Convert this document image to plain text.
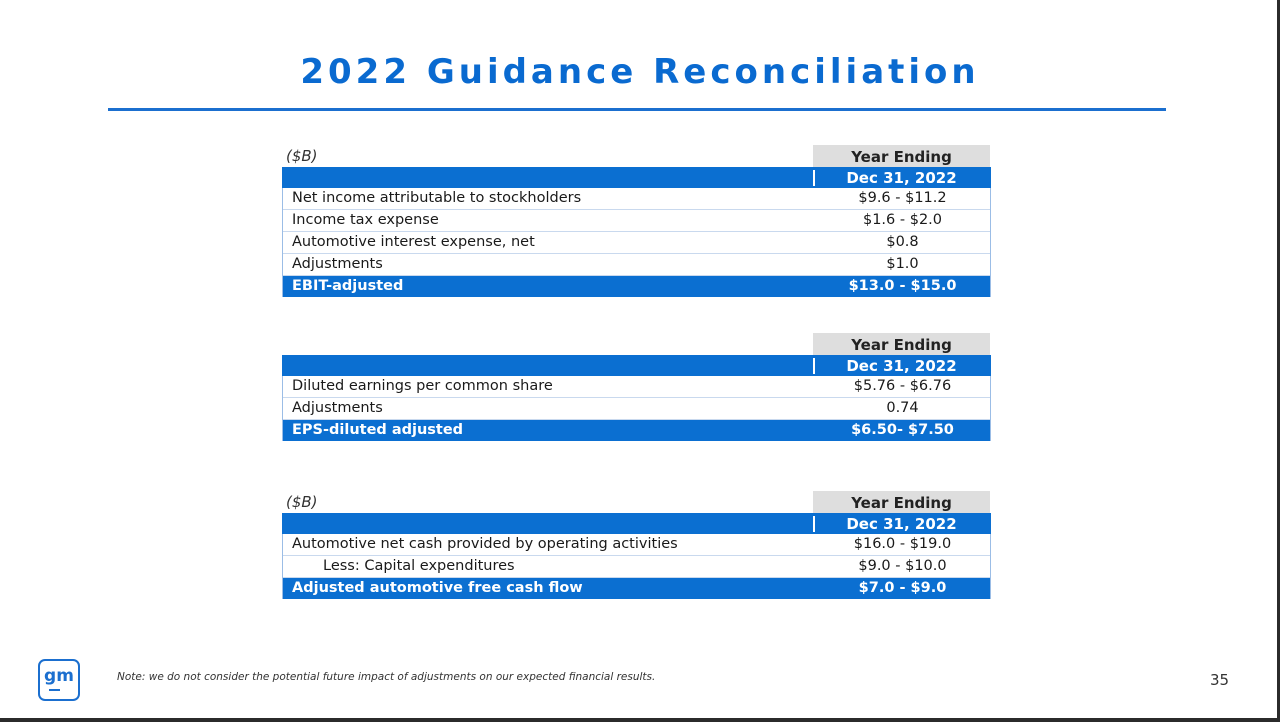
2022 Guidance Reconciliation
($B)	Year Ending
Dec 31, 2022
Net income attributable to stockholders	$9.6 - $11.2
Income tax expense	$1.6 - $2.0
Automotive interest expense, net	$0.8
Adjustments	$1.0
EBIT-adjusted	$13.0 - $15.0
Year Ending
Dec 31, 2022
Diluted earnings per common share	$5.76 - $6.76
Adjustments	0.74
EPS-diluted adjusted	$6.50- $7.50
($B)	Year Ending
Dec 31, 2022
Automotive net cash provided by operating activities	$16.0 - $19.0
Less: Capital expenditures	$9.0 - $10.0
Adjusted automotive free cash flow	$7.0 - $9.0
gm	Note: we do not consider the potential future impact of adjustments on our expected financial results.	35
